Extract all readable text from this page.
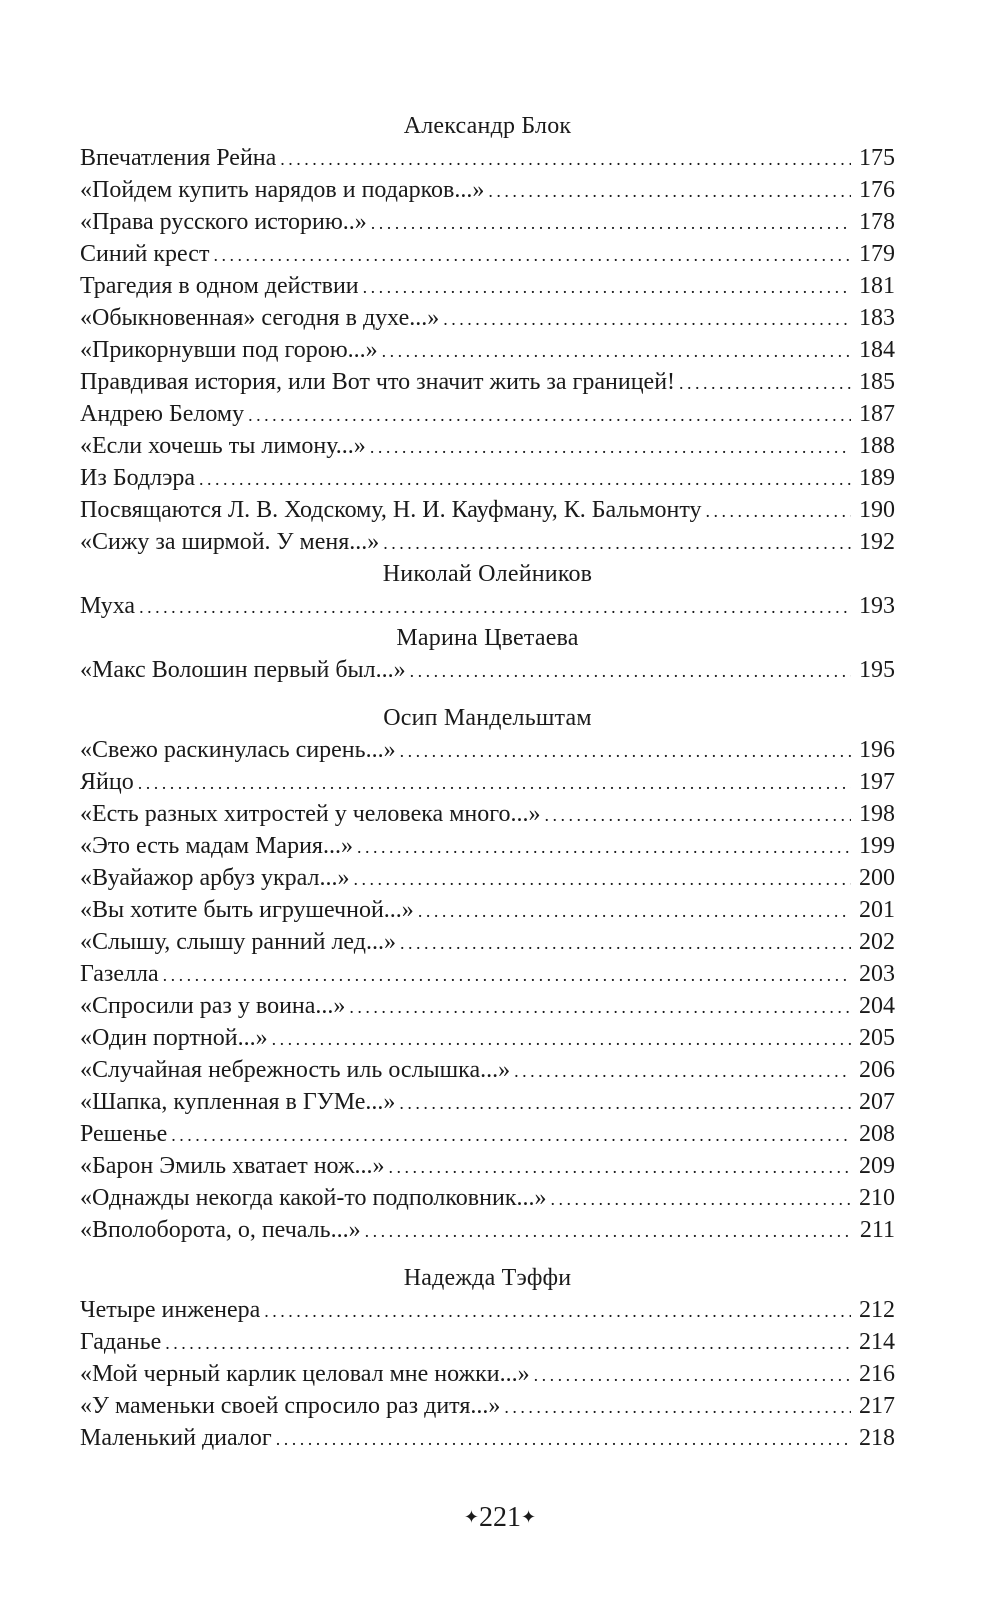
Александр Блок
Впечатления Рейна . . .	175
«Пойдем купить нарядов и подарков...» . . .	176
«Права русского историю..» . . .	178
Синий крест . . .	179
Трагедия в одном действии . . .	181
«Обыкновенная» сегодня в духе...» . . .	183
«Прикорнувши под горою...» . . .	184
Правдивая история, или Вот что значит жить за границей! . . .	185
Андрею Белому . . .	187
«Если хочешь ты лимону...» . . .	188
Из Бодлэра . . .	189
Посвящаются Л. В. Ходскому, Н. И. Кауфману, К. Бальмонту . . .	190
«Сижу за ширмой. У меня...» . . .	192
Николай Олейников
Муха . . .	193
Марина Цветаева
«Макс Волошин первый был...» . . .	195
Осип Мандельштам
«Свежо раскинулась сирень...» . . .	196
Яйцо . . .	197
«Есть разных хитростей у человека много...» . . .	198
«Это есть мадам Мария...» . . .	199
«Вуайажор арбуз украл...» . . .	200
«Вы хотите быть игрушечной...» . . .	201
«Слышу, слышу ранний лед...» . . .	202
Газелла . . .	203
«Спросили раз у воина...» . . .	204
«Один портной...» . . .	205
«Случайная небрежность иль ослышка...» . . .	206
«Шапка, купленная в ГУМе...» . . .	207
Решенье . . .	208
«Барон Эмиль хватает нож...» . . .	209
«Однажды некогда какой-то подполковник...» . . .	210
«Вполоборота, о, печаль...» . . .	211
Надежда Тэффи
Четыре инженера . . .	212
Гаданье . . .	214
«Мой черный карлик целовал мне ножки...» . . .	216
«У маменьки своей спросило раз дитя...» . . .	217
Маленький диалог . . .	218
✦221✦
